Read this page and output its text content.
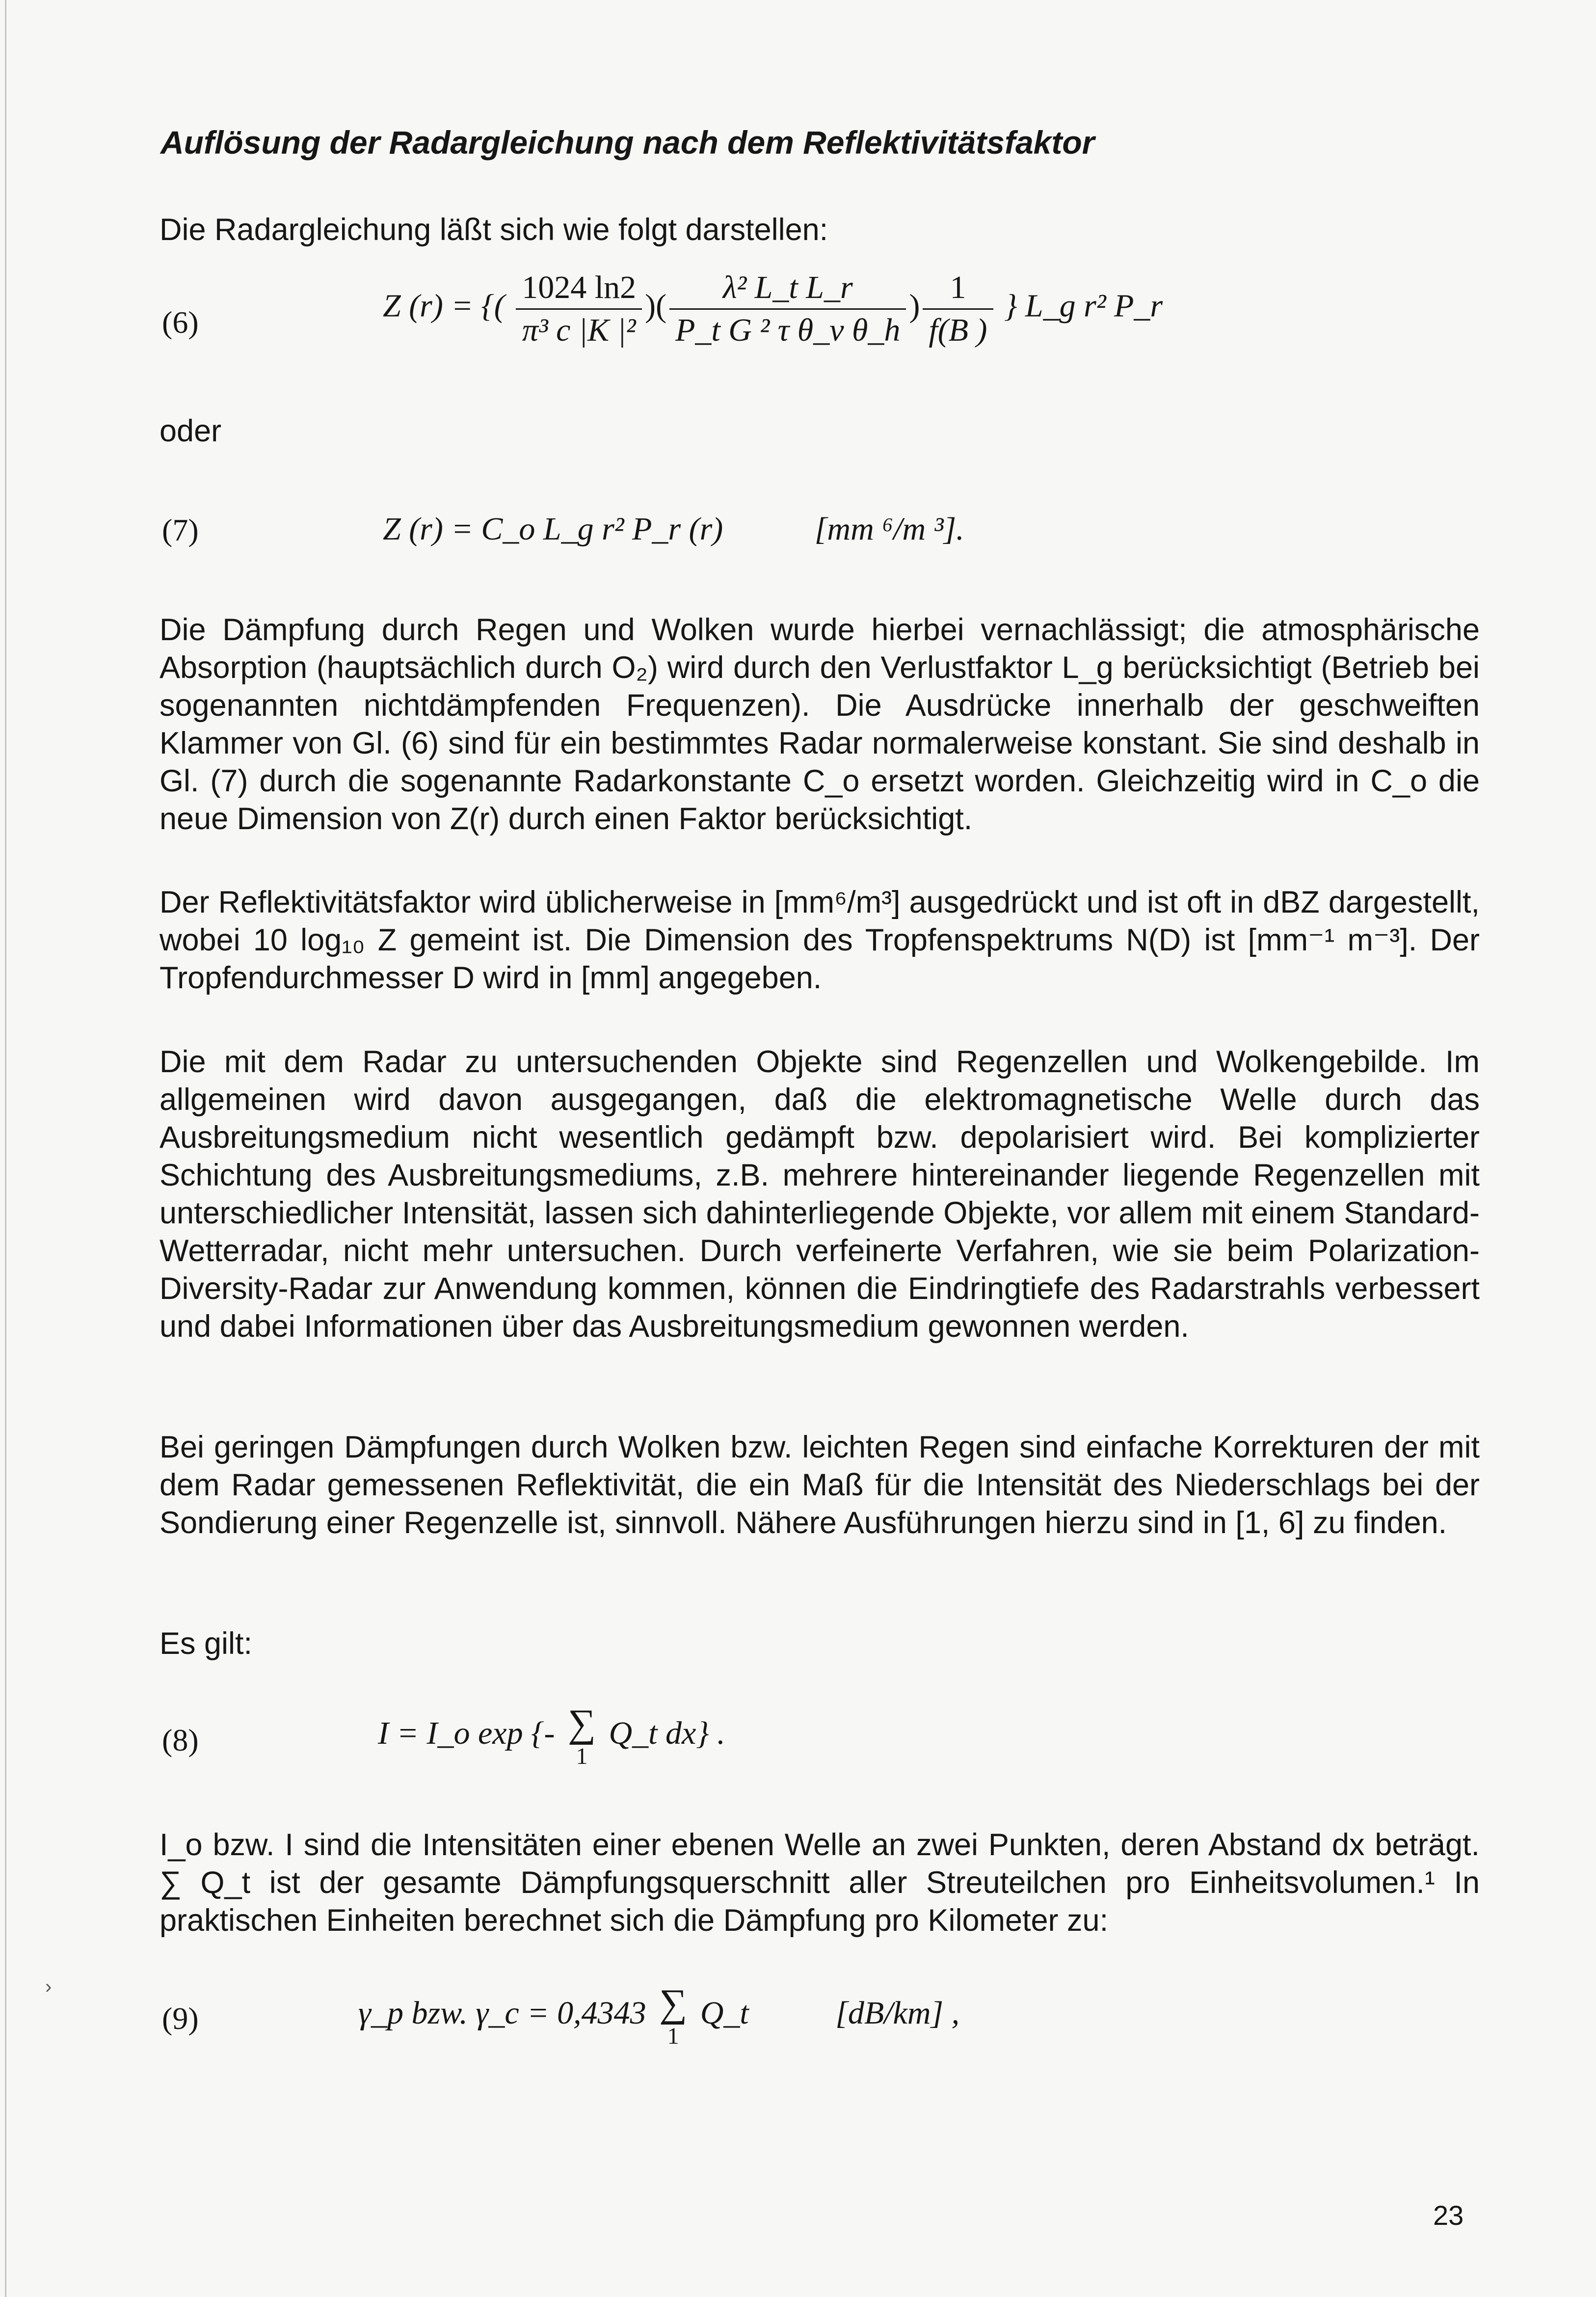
Auflösung der Radargleichung nach dem Reflektivitätsfaktor

Die Radargleichung läßt sich wie folgt darstellen:

(6)	Z (r) = {( $\frac{1024 \ln 2}{\text{π³ c |K |²}}$ )( $\frac{\text{λ² L\_t L\_r}}{\text{P\_t G ² τ θ\_v θ\_h}}$ ) $\frac{1}{f(B )}$ } L_g r² P_r

oder

(7)	Z (r) = C_o L_g r² P_r (r)	[mm ⁶/m ³].

Die Dämpfung durch Regen und Wolken wurde hierbei vernachlässigt; die atmosphärische Absorption (hauptsächlich durch O₂) wird durch den Verlustfaktor L_g berücksichtigt (Betrieb bei sogenannten nichtdämpfenden Frequenzen). Die Ausdrücke innerhalb der geschweiften Klammer von Gl. (6) sind für ein bestimmtes Radar normalerweise konstant. Sie sind deshalb in Gl. (7) durch die sogenannte Radarkonstante C_o ersetzt worden. Gleichzeitig wird in C_o die neue Dimension von Z(r) durch einen Faktor berücksichtigt.

Der Reflektivitätsfaktor wird üblicherweise in [mm⁶/m³] ausgedrückt und ist oft in dBZ dargestellt, wobei 10 log₁₀ Z gemeint ist. Die Dimension des Tropfenspektrums N(D) ist [mm⁻¹ m⁻³]. Der Tropfendurchmesser D wird in [mm] angegeben.

Die mit dem Radar zu untersuchenden Objekte sind Regenzellen und Wolkengebilde. Im allgemeinen wird davon ausgegangen, daß die elektromagnetische Welle durch das Ausbreitungsmedium nicht wesentlich gedämpft bzw. depolarisiert wird. Bei komplizierter Schichtung des Ausbreitungsmediums, z.B. mehrere hintereinander liegende Regenzellen mit unterschiedlicher Intensität, lassen sich dahinterliegende Objekte, vor allem mit einem Standard-Wetterradar, nicht mehr untersuchen. Durch verfeinerte Verfahren, wie sie beim Polarization-Diversity-Radar zur Anwendung kommen, können die Eindringtiefe des Radarstrahls verbessert und dabei Informationen über das Ausbreitungsmedium gewonnen werden.

Bei geringen Dämpfungen durch Wolken bzw. leichten Regen sind einfache Korrekturen der mit dem Radar gemessenen Reflektivität, die ein Maß für die Intensität des Niederschlags bei der Sondierung einer Regenzelle ist, sinnvoll. Nähere Ausführungen hierzu sind in [1, 6] zu finden.

Es gilt:

(8)	I = I_o exp {- ∑
1
Q_t dx} .

I_o bzw. I sind die Intensitäten einer ebenen Welle an zwei Punkten, deren Abstand dx beträgt. ∑ Q_t ist der gesamte Dämpfungsquerschnitt aller Streuteilchen pro Einheitsvolumen.¹ In praktischen Einheiten berechnet sich die Dämpfung pro Kilometer zu:

(9)	γ_p bzw. γ_c = 0,4343 ∑
1
Q_t	[dB/km] ,
›
23
